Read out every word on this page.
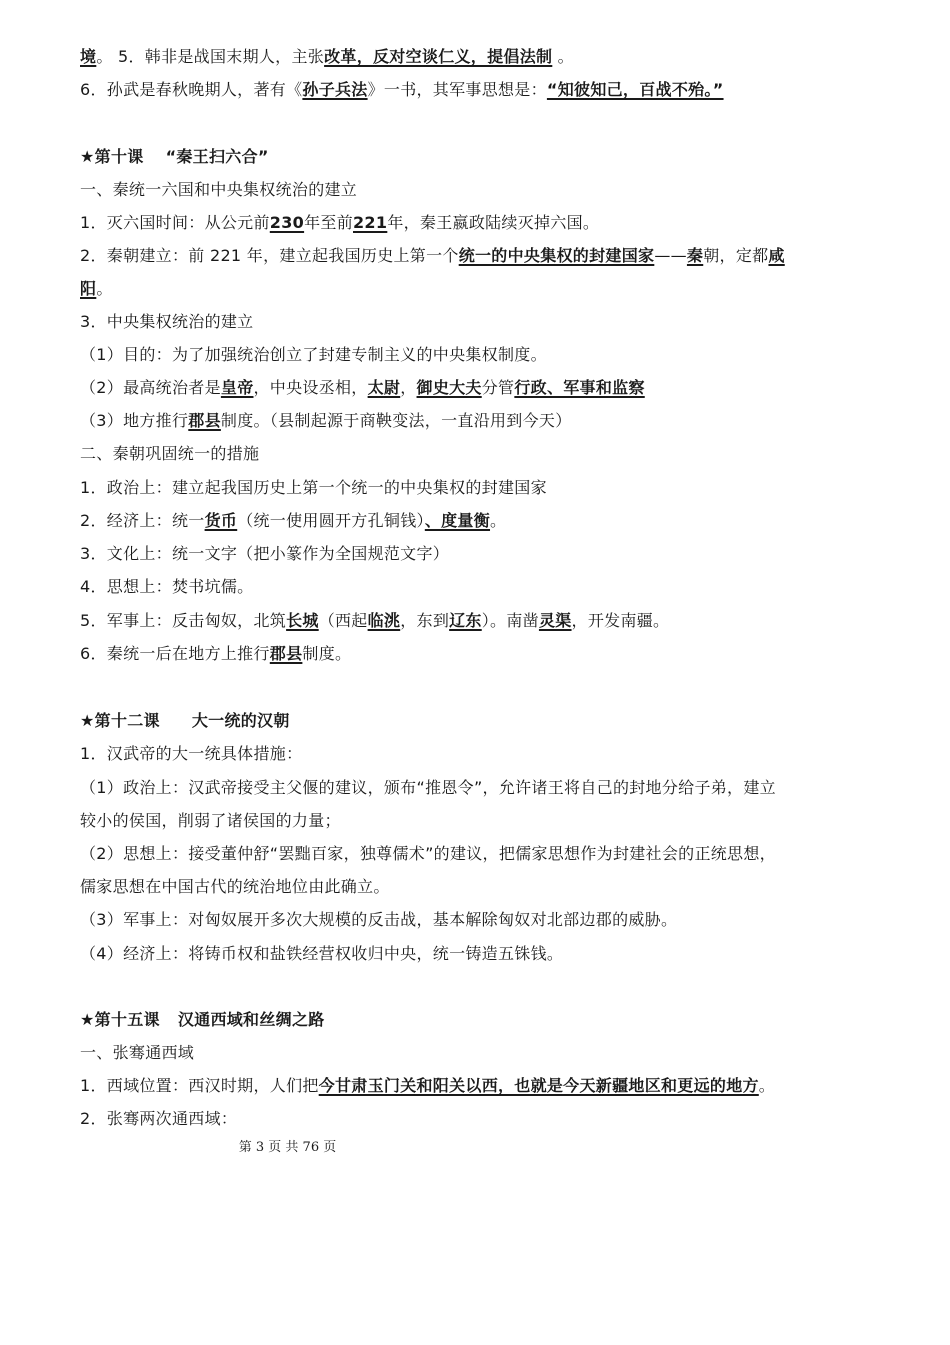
境。 5．韩非是战国末期人，主张改革，反对空谈仁义，提倡法制 。
6．孙武是春秋晚期人，著有《孙子兵法》一书，其军事思想是：“知彼知己，百战不殆。”
★第十课 “秦王扫六合”
一、秦统一六国和中央集权统治的建立
1．灭六国时间：从公元前230年至前221年，秦王嬴政陆续灭掉六国。
2．秦朝建立：前 221 年，建立起我国历史上第一个统一的中央集权的封建国家——秦朝，定都咸
阳。
3．中央集权统治的建立
（1）目的：为了加强统治创立了封建专制主义的中央集权制度。
（2）最高统治者是皇帝，中央设丞相，太尉，御史大夫分管行政、军事和监察
（3）地方推行郡县制度。（县制起源于商鞅变法，一直沿用到今天）
二、秦朝巩固统一的措施
1．政治上：建立起我国历史上第一个统一的中央集权的封建国家
2．经济上：统一货币（统一使用圆开方孔铜钱）、度量衡。
3．文化上：统一文字（把小篆作为全国规范文字）
4．思想上：焚书坑儒。
5．军事上：反击匈奴，北筑长城（西起临洮，东到辽东）。南凿灵渠，开发南疆。
6．秦统一后在地方上推行郡县制度。
★第十二课 大一统的汉朝
1．汉武帝的大一统具体措施：
（1）政治上：汉武帝接受主父偃的建议，颁布“推恩令”，允许诸王将自己的封地分给子弟，建立
较小的侯国，削弱了诸侯国的力量；
（2）思想上：接受董仲舒“罢黜百家，独尊儒术”的建议，把儒家思想作为封建社会的正统思想，
儒家思想在中国古代的统治地位由此确立。
（3）军事上：对匈奴展开多次大规模的反击战，基本解除匈奴对北部边郡的威胁。
（4）经济上：将铸币权和盐铁经营权收归中央，统一铸造五铢钱。
★第十五课 汉通西域和丝绸之路
一、张骞通西域
1．西域位置：西汉时期，人们把今甘肃玉门关和阳关以西，也就是今天新疆地区和更远的地方。
2．张骞两次通西域：
第 3 页 共 76 页
